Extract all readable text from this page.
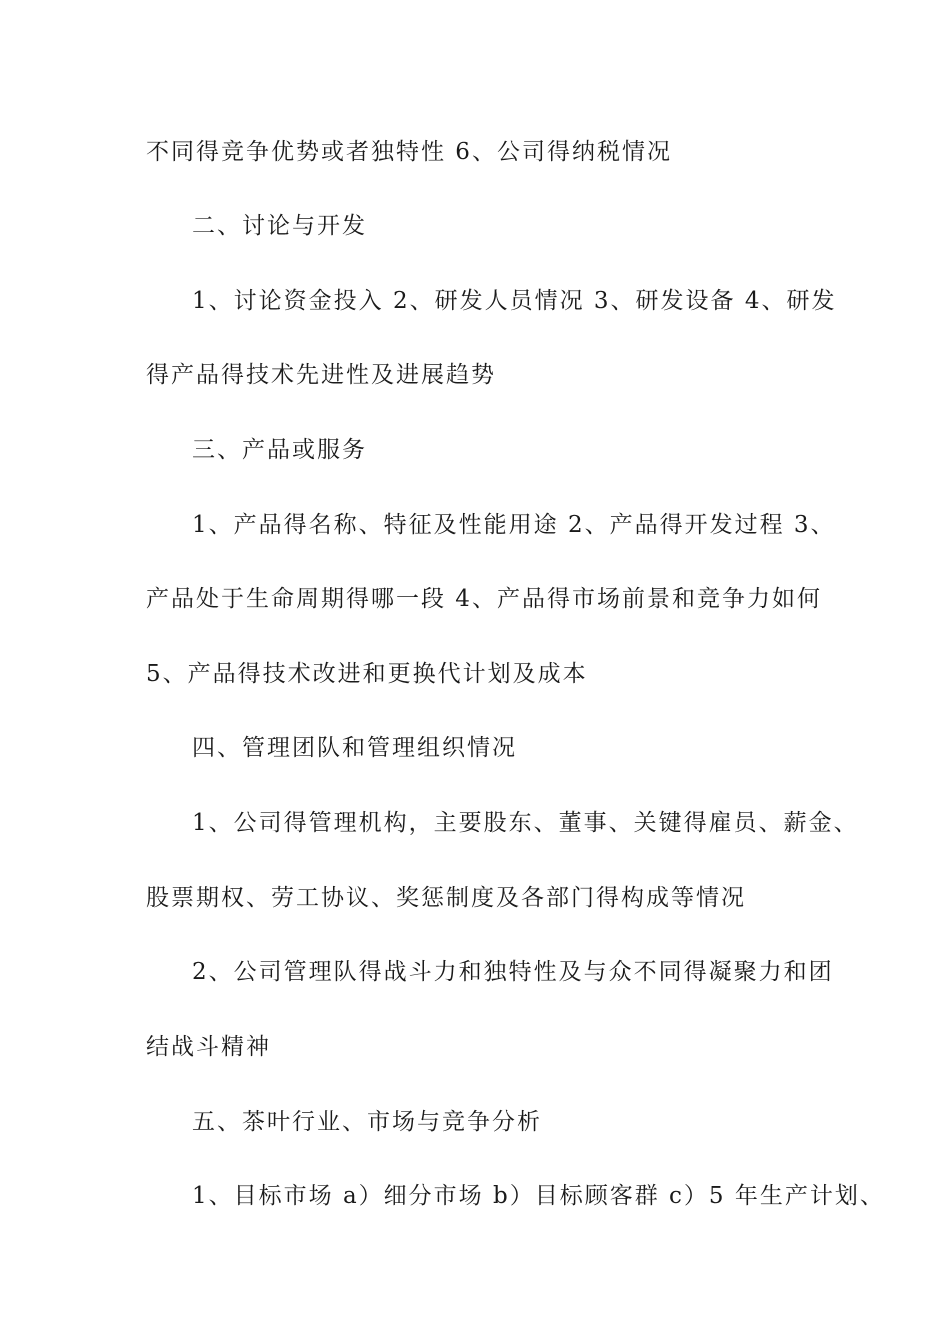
不同得竞争优势或者独特性 6、公司得纳税情况

二、讨论与开发

1、讨论资金投入 2、研发人员情况 3、研发设备 4、研发

得产品得技术先进性及进展趋势

三、产品或服务

1、产品得名称、特征及性能用途 2、产品得开发过程 3、

产品处于生命周期得哪一段 4、产品得市场前景和竞争力如何

5、产品得技术改进和更换代计划及成本

四、管理团队和管理组织情况

1、公司得管理机构，主要股东、董事、关键得雇员、薪金、

股票期权、劳工协议、奖惩制度及各部门得构成等情况

2、公司管理队得战斗力和独特性及与众不同得凝聚力和团

结战斗精神

五、茶叶行业、市场与竞争分析

1、目标市场 a）细分市场 b）目标顾客群 c）5 年生产计划、
